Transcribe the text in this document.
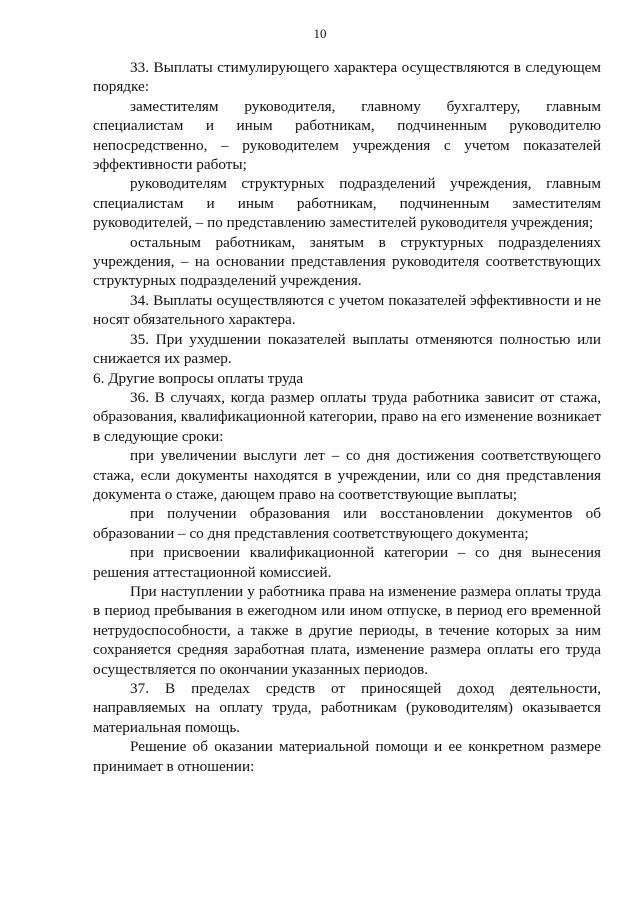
10

33. Выплаты стимулирующего характера осуществляются в следующем порядке:

заместителям руководителя, главному бухгалтеру, главным специалистам и иным работникам, подчиненным руководителю непосредственно, – руководителем учреждения с учетом показателей эффективности работы;

руководителям структурных подразделений учреждения, главным специалистам и иным работникам, подчиненным заместителям руководителей, – по представлению заместителей руководителя учреждения;

остальным работникам, занятым в структурных подразделениях учреждения, – на основании представления руководителя соответствующих структурных подразделений учреждения.

34. Выплаты осуществляются с учетом показателей эффективности и не носят обязательного характера.

35. При ухудшении показателей выплаты отменяются полностью или снижается их размер.

6. Другие вопросы оплаты труда

36. В случаях, когда размер оплаты труда работника зависит от стажа, образования, квалификационной категории, право на его изменение возникает в следующие сроки:

при увеличении выслуги лет – со дня достижения соответствующего стажа, если документы находятся в учреждении, или со дня представления документа о стаже, дающем право на соответствующие выплаты;

при получении образования или восстановлении документов об образовании – со дня представления соответствующего документа;

при присвоении квалификационной категории – со дня вынесения решения аттестационной комиссией.

При наступлении у работника права на изменение размера оплаты труда в период пребывания в ежегодном или ином отпуске, в период его временной нетрудоспособности, а также в другие периоды, в течение которых за ним сохраняется средняя заработная плата, изменение размера оплаты его труда осуществляется по окончании указанных периодов.

37. В пределах средств от приносящей доход деятельности, направляемых на оплату труда, работникам (руководителям) оказывается материальная помощь.

Решение об оказании материальной помощи и ее конкретном размере принимает в отношении:
